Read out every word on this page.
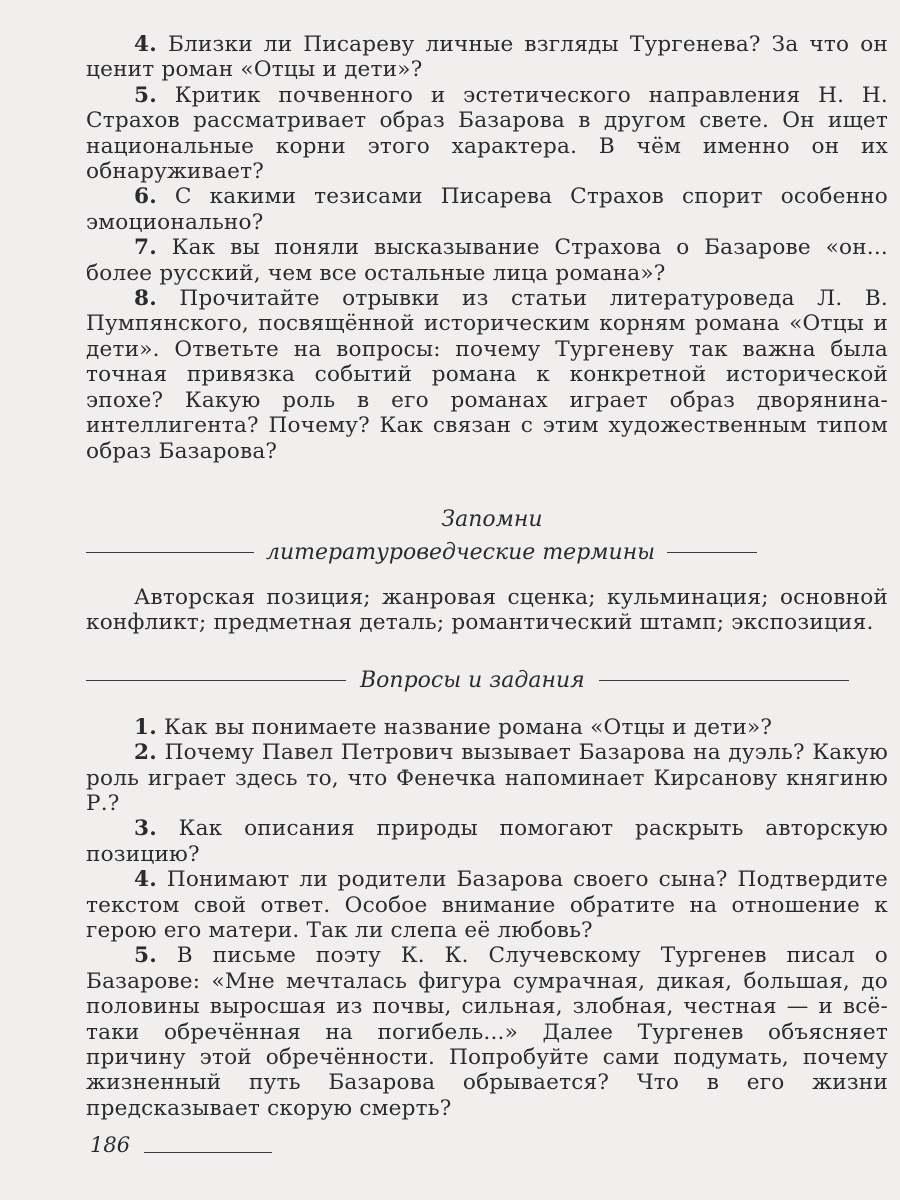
4. Близки ли Писареву личные взгляды Тургенева? За что он ценит роман «Отцы и дети»?

5. Критик почвенного и эстетического направления Н. Н. Страхов рассматривает образ Базарова в другом свете. Он ищет национальные корни этого характера. В чём именно он их обнаруживает?

6. С какими тезисами Писарева Страхов спорит особенно эмоционально?

7. Как вы поняли высказывание Страхова о Базарове «он... более русский, чем все остальные лица романа»?

8. Прочитайте отрывки из статьи литературоведа Л. В. Пумпянского, посвящённой историческим корням романа «Отцы и дети». Ответьте на вопросы: почему Тургеневу так важна была точная привязка событий романа к конкретной исторической эпохе? Какую роль в его романах играет образ дворянина-интеллигента? Почему? Как связан с этим художественным типом образ Базарова?

Запомни
литературоведческие термины

Авторская позиция; жанровая сценка; кульминация; основной конфликт; предметная деталь; романтический штамп; экспозиция.

Вопросы и задания

1. Как вы понимаете название романа «Отцы и дети»?

2. Почему Павел Петрович вызывает Базарова на дуэль? Какую роль играет здесь то, что Фенечка напоминает Кирсанову княгиню Р.?

3. Как описания природы помогают раскрыть авторскую позицию?

4. Понимают ли родители Базарова своего сына? Подтвердите текстом свой ответ. Особое внимание обратите на отношение к герою его матери. Так ли слепа её любовь?

5. В письме поэту К. К. Случевскому Тургенев писал о Базарове: «Мне мечталась фигура сумрачная, дикая, большая, до половины выросшая из почвы, сильная, злобная, честная — и всё-таки обречённая на погибель...» Далее Тургенев объясняет причину этой обречённости. Попробуйте сами подумать, почему жизненный путь Базарова обрывается? Что в его жизни предсказывает скорую смерть?

186
